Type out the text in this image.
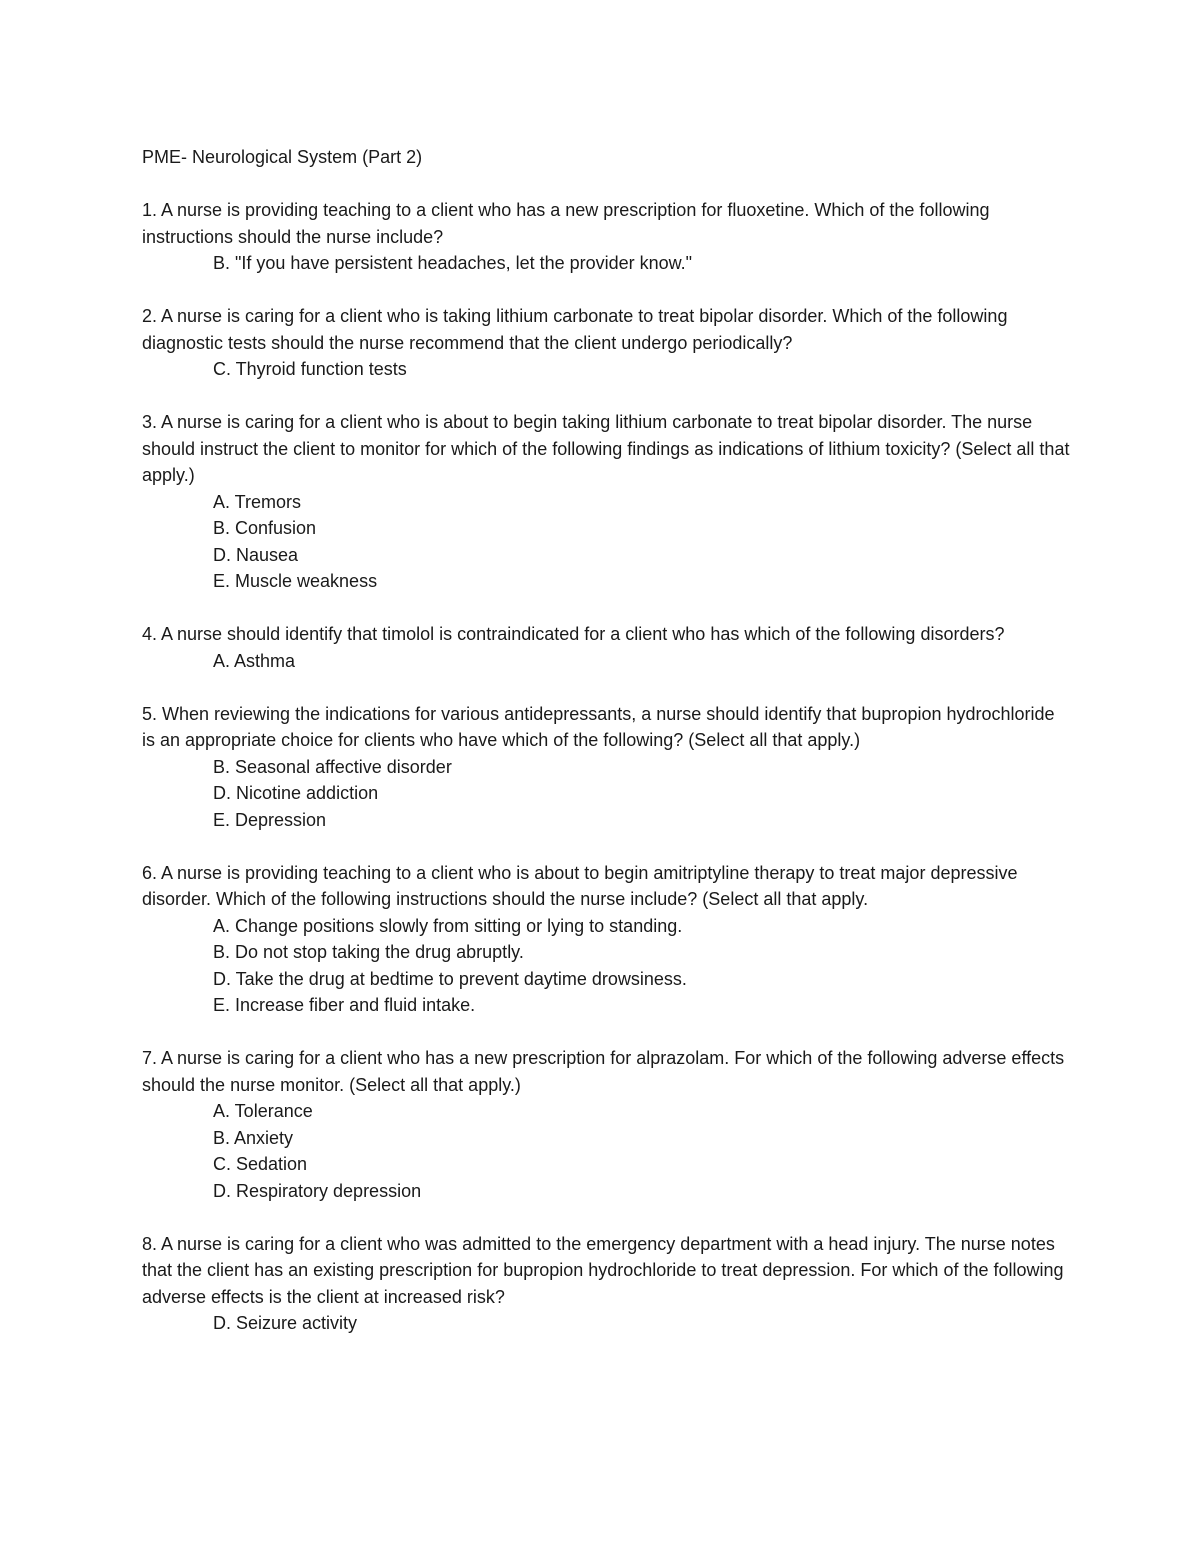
PME- Neurological System (Part 2)
1. A nurse is providing teaching to a client who has a new prescription for fluoxetine. Which of the following instructions should the nurse include?
B. "If you have persistent headaches, let the provider know."
2. A nurse is caring for a client who is taking lithium carbonate to treat bipolar disorder. Which of the following diagnostic tests should the nurse recommend that the client undergo periodically?
C. Thyroid function tests
3. A nurse is caring for a client who is about to begin taking lithium carbonate to treat bipolar disorder. The nurse should instruct the client to monitor for which of the following findings as indications of lithium toxicity? (Select all that apply.)
A. Tremors
B. Confusion
D. Nausea
E. Muscle weakness
4. A nurse should identify that timolol is contraindicated for a client who has which of the following disorders?
A. Asthma
5. When reviewing the indications for various antidepressants, a nurse should identify that bupropion hydrochloride is an appropriate choice for clients who have which of the following? (Select all that apply.)
B. Seasonal affective disorder
D. Nicotine addiction
E. Depression
6. A nurse is providing teaching to a client who is about to begin amitriptyline therapy to treat major depressive disorder. Which of the following instructions should the nurse include? (Select all that apply.
A. Change positions slowly from sitting or lying to standing.
B. Do not stop taking the drug abruptly.
D. Take the drug at bedtime to prevent daytime drowsiness.
E. Increase fiber and fluid intake.
7. A nurse is caring for a client who has a new prescription for alprazolam. For which of the following adverse effects should the nurse monitor. (Select all that apply.)
A. Tolerance
B. Anxiety
C. Sedation
D. Respiratory depression
8. A nurse is caring for a client who was admitted to the emergency department with a head injury. The nurse notes that the client has an existing prescription for bupropion hydrochloride to treat depression. For which of the following adverse effects is the client at increased risk?
D. Seizure activity
